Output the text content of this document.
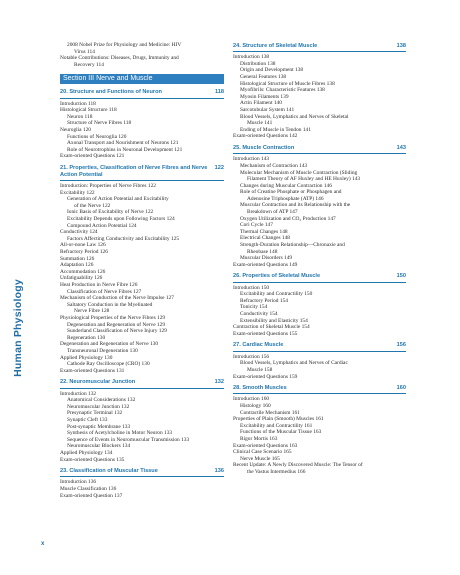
Human Physiology
x
2008 Nobel Prize for Physiology and Medicine: HIV
Virus 114
Notable Contributions: Diseases, Drugs, Immunity and
Recovery 114
Section III Nerve and Muscle
20. Structure and Functions of Neuron	118
Introduction 118
Histological Structure 118
Neuron 118
Structure of Nerve Fibres 118
Neuroglia 120
Functions of Neuroglia 120
Axonal Transport and Nourishment of Neurons 121
Role of Neurotrophins in Neuronal Development 121
Exam-oriented Questions 121
21. Properties, Classification of Nerve Fibres and Nerve Action Potential
122
Introduction: Properties of Nerve Fibres 122
Excitability 122
Generation of Action Potential and Excitability
of the Nerve 122
Ionic Basis of Excitability of Nerve 122
Excitability Depends upon Following Factors 124
Compound Action Potential 124
Conductivity 124
Factors Affecting Conductivity and Excitability 125
All-or-none Law 126
Refractory Period 126
Summation 126
Adaptation 126
Accommodation 126
Unfatiguability 126
Heat Production in Nerve Fibre 126
Classification of Nerve Fibres 127
Mechanism of Conduction of the Nerve Impulse 127
Saltatory Conduction in the Myelinated
Nerve Fibre 128
Physiological Properties of the Nerve Fibres 129
Degeneration and Regeneration of Nerve 129
Sunderland Classification of Nerve Injury 129
Regeneration 130
Degeneration and Regeneration of Nerve 130
Transneuronal Degeneration 130
Applied Physiology 130
Cathode Ray Oscilloscope (CRO) 130
Exam-oriented Questions 131
22. Neuromuscular Junction	132
Introduction 132
Anatomical Considerations 132
Neuromuscular Junction 132
Presynaptic Terminal 132
Synaptic Cleft 133
Post-synaptic Membrane 133
Synthesis of Acetylcholine in Motor Neuron 133
Sequence of Events in Neuromuscular Transmission 133
Neuromuscular Blockers 134
Applied Physiology 134
Exam-oriented Questions 135
23. Classification of Muscular Tissue	136
Introduction 136
Muscle Classification 136
Exam-oriented Question 137
24. Structure of Skeletal Muscle	138
Introduction 138
Distribution 138
Origin and Development 138
General Features 138
Histological Structure of Muscle Fibres 138
Myofibrils: Characteristic Features 138
Myosin Filaments 139
Actin Filament 140
Sarcotubular System 141
Blood Vessels, Lymphatics and Nerves of Skeletal
Muscle 141
Ending of Muscle in Tendon 141
Exam-oriented Questions 142
25. Muscle Contraction	143
Introduction 143
Mechanism of Contraction 143
Molecular Mechanism of Muscle Contraction (Sliding
Filament Theory of AF Huxley and HE Huxley) 143
Changes during Muscular Contraction 146
Role of Creatine Phosphate or Phosphagen and
Adenosine Triphosphate (ATP) 146
Muscular Contraction and its Relationship with the
Breakdown of ATP 147
Oxygen Utilization and CO₂ Production 147
Cori Cycle 147
Thermal Changes 148
Electrical Changes 148
Strength-Duration Relationship—Chronaxie and
Rheobase 148
Muscular Disorders 149
Exam-oriented Questions 149
26. Properties of Skeletal Muscle	150
Introduction 150
Excitability and Contractility 150
Refractory Period 154
Tonicity 154
Conductivity 154
Extensibility and Elasticity 154
Contraction of Skeletal Muscle 154
Exam-oriented Questions 155
27. Cardiac Muscle	156
Introduction 156
Blood Vessels, Lymphatics and Nerves of Cardiac
Muscle 158
Exam-oriented Questions 159
28. Smooth Muscles	160
Introduction 160
Histology 160
Contractile Mechanism 161
Properties of Plain (Smooth) Muscles 161
Excitability and Contractility 161
Functions of the Muscular Tissue 163
Rigor Mortis 163
Exam-oriented Questions 163
Clinical Case Scenario 165
Nerve Muscle 165
Recent Update: A Newly Discovered Muscle: The Tensor of
the Vastus Intermedius 166
